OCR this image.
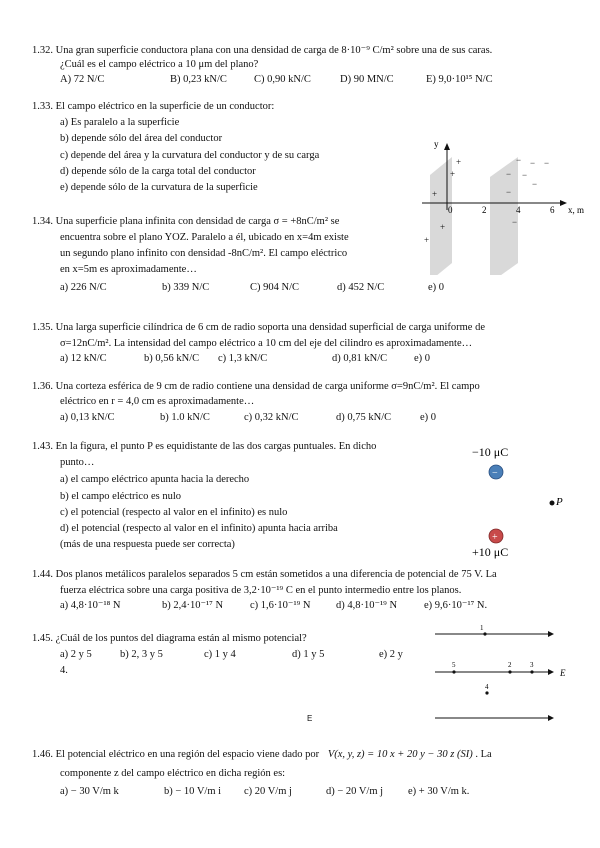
1.32. Una gran superficie conductora plana con una densidad de carga de 8·10⁻⁹ C/m² sobre una de sus caras.
¿Cuál es el campo eléctrico a 10 μm del plano?
A) 72 N/C	B) 0,23 kN/C	C) 0,90 kN/C	D) 90 MN/C	E) 9,0·10¹⁵ N/C
1.33. El campo eléctrico en la superficie de un conductor:
a) Es paralelo a la superficie
b) depende sólo del área del conductor
c) depende del área y la curvatura del conductor y de su carga
d) depende sólo de la carga total del conductor
e) depende sólo de la curvatura de la superficie
1.34. Una superficie plana infinita con densidad de carga σ = +8nC/m² se
encuentra sobre el plano YOZ. Paralelo a él, ubicado en x=4m existe
un segundo plano infinito con densidad -8nC/m². El campo eléctrico
en x=5m es aproximadamente…
a) 226 N/C	b) 339 N/C	C) 904 N/C	d) 452 N/C	e) 0
y
x, m
0	2	4	6
+
+
+
+
+
− − −
− −
−
−
−
1.35. Una larga superficie cilíndrica de 6 cm de radio soporta una densidad superficial de carga uniforme de
σ=12nC/m². La intensidad del campo eléctrico a 10 cm del eje del cilindro es aproximadamente…
a) 12 kN/C	b) 0,56 kN/C c) 1,3 kN/C	d) 0,81 kN/C	e) 0
1.36. Una corteza esférica de 9 cm de radio contiene una densidad de carga uniforme σ=9nC/m². El campo
eléctrico en r = 4,0 cm es aproximadamente…
a) 0,13 kN/C	b) 1.0 kN/C	c) 0,32 kN/C	d) 0,75 kN/C	e) 0
1.43. En la figura, el punto P es equidistante de las dos cargas puntuales. En dicho
punto…
a) el campo eléctrico apunta hacia la derecho
b) el campo eléctrico es nulo
c) el potencial (respecto al valor en el infinito) es nulo
d) el potencial (respecto al valor en el infinito) apunta hacia arriba
(más de una respuesta puede ser correcta)
−10 μC
−
P
+
+10 μC
1.44. Dos planos metálicos paralelos separados 5 cm están sometidos a una diferencia de potencial de 75 V. La
fuerza eléctrica sobre una carga positiva de 3,2·10⁻¹⁹ C en el punto intermedio entre los planos.
a) 4,8·10⁻¹⁸ N	b) 2,4·10⁻¹⁷ N	c) 1,6·10⁻¹⁹ N d) 4,8·10⁻¹⁹ N	e) 9,6·10⁻¹⁷ N.
1.45. ¿Cuál de los puntos del diagrama están al mismo potencial?
a) 2 y 5	b) 2, 3 y 5	c) 1 y 4	d) 1 y 5	e) 2 y
4.	E
1
5	2	3
4
E
1.46. El potencial eléctrico en una región del espacio viene dado por V(x, y, z) = 10 x + 20 y − 30 z (SI) . La
componente z del campo eléctrico en dicha región es:
a) − 30 V/m k	b) − 10 V/m i c) 20 V/m j	d) − 20 V/m j e) + 30 V/m k.
